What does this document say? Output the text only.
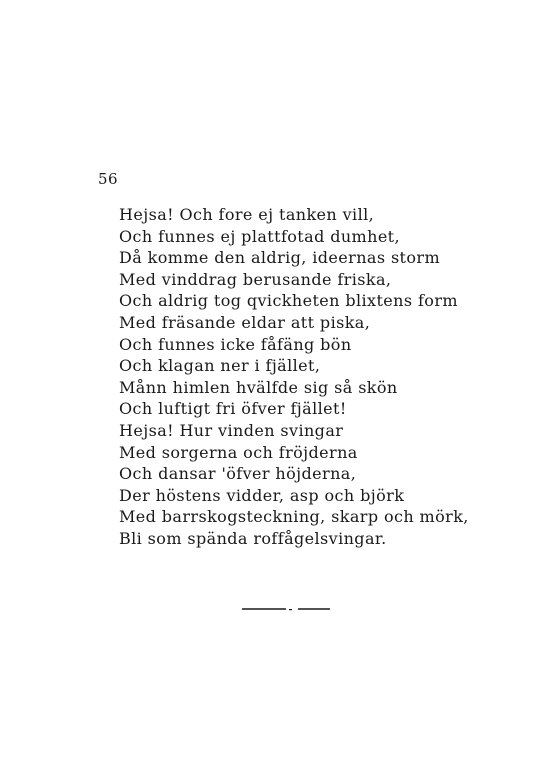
56
Hejsa! Och fore ej tanken vill,
Och funnes ej plattfotad dumhet,
Då komme den aldrig, ideernas storm
Med vinddrag berusande friska,
Och aldrig tog qvickheten blixtens form
Med fräsande eldar att piska,
Och funnes icke fåfäng bön
Och klagan ner i fjället,
Månn himlen hvälfde sig så skön
Och luftigt fri öfver fjället!
Hejsa! Hur vinden svingar
Med sorgerna och fröjderna
Och dansar 'öfver höjderna,
Der höstens vidder, asp och björk
Med barrskogsteckning, skarp och mörk,
Bli som spända roffågelsvingar.
